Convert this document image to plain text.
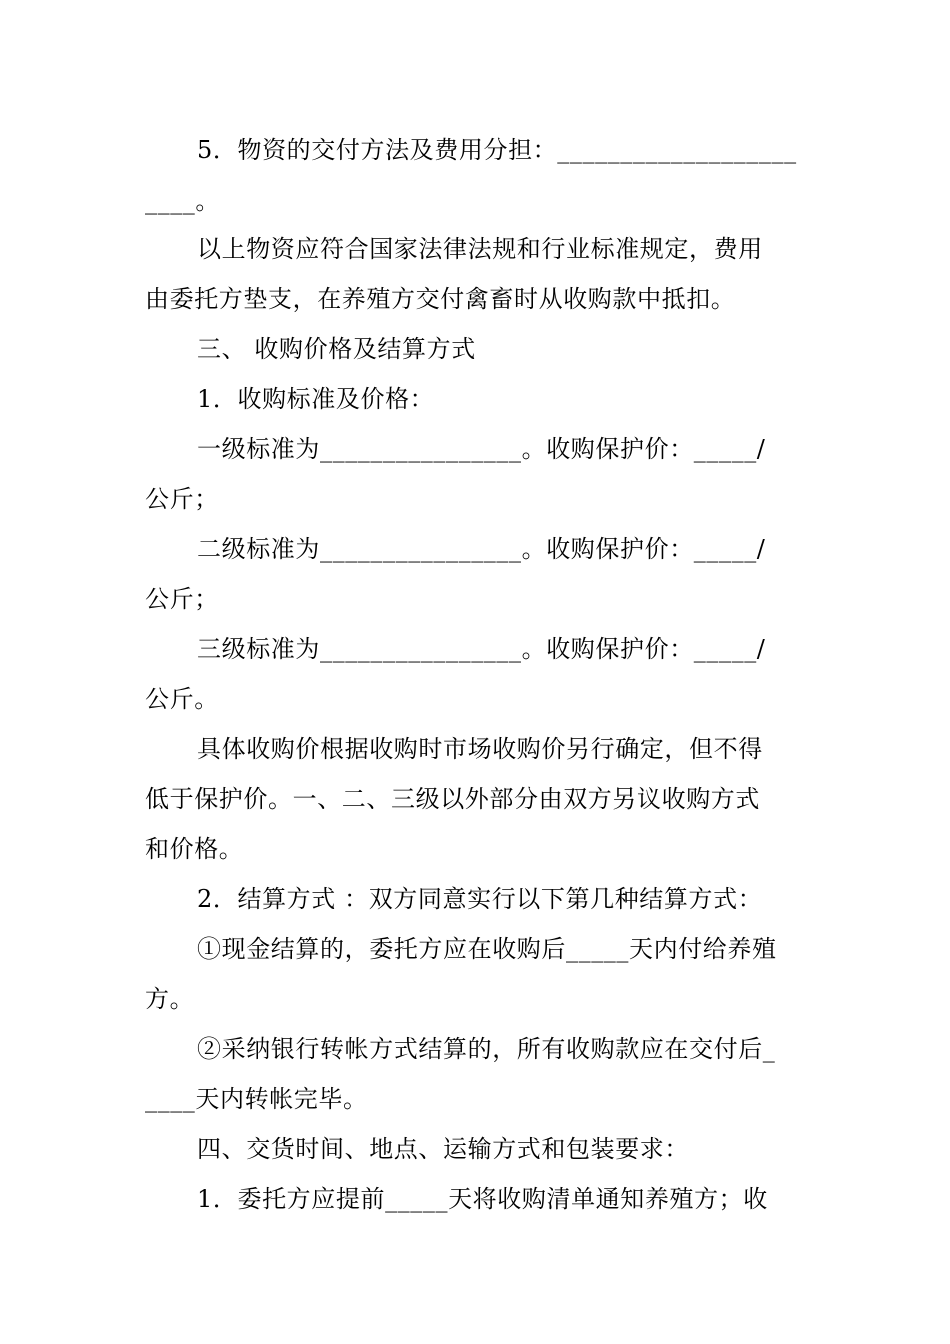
5．物资的交付方法及费用分担：___________________
____。
以上物资应符合国家法律法规和行业标准规定，费用
由委托方垫支，在养殖方交付禽畜时从收购款中抵扣。
三、 收购价格及结算方式
1．收购标准及价格：
一级标准为________________。收购保护价：_____/
公斤；
二级标准为________________。收购保护价：_____/
公斤；
三级标准为________________。收购保护价：_____/
公斤。
具体收购价根据收购时市场收购价另行确定，但不得
低于保护价。一、二、三级以外部分由双方另议收购方式
和价格。
2．结算方式 ：双方同意实行以下第几种结算方式：
①现金结算的，委托方应在收购后_____天内付给养殖
方。
②采纳银行转帐方式结算的，所有收购款应在交付后_
____天内转帐完毕。
四、交货时间、地点、运输方式和包装要求：
1．委托方应提前_____天将收购清单通知养殖方；收
